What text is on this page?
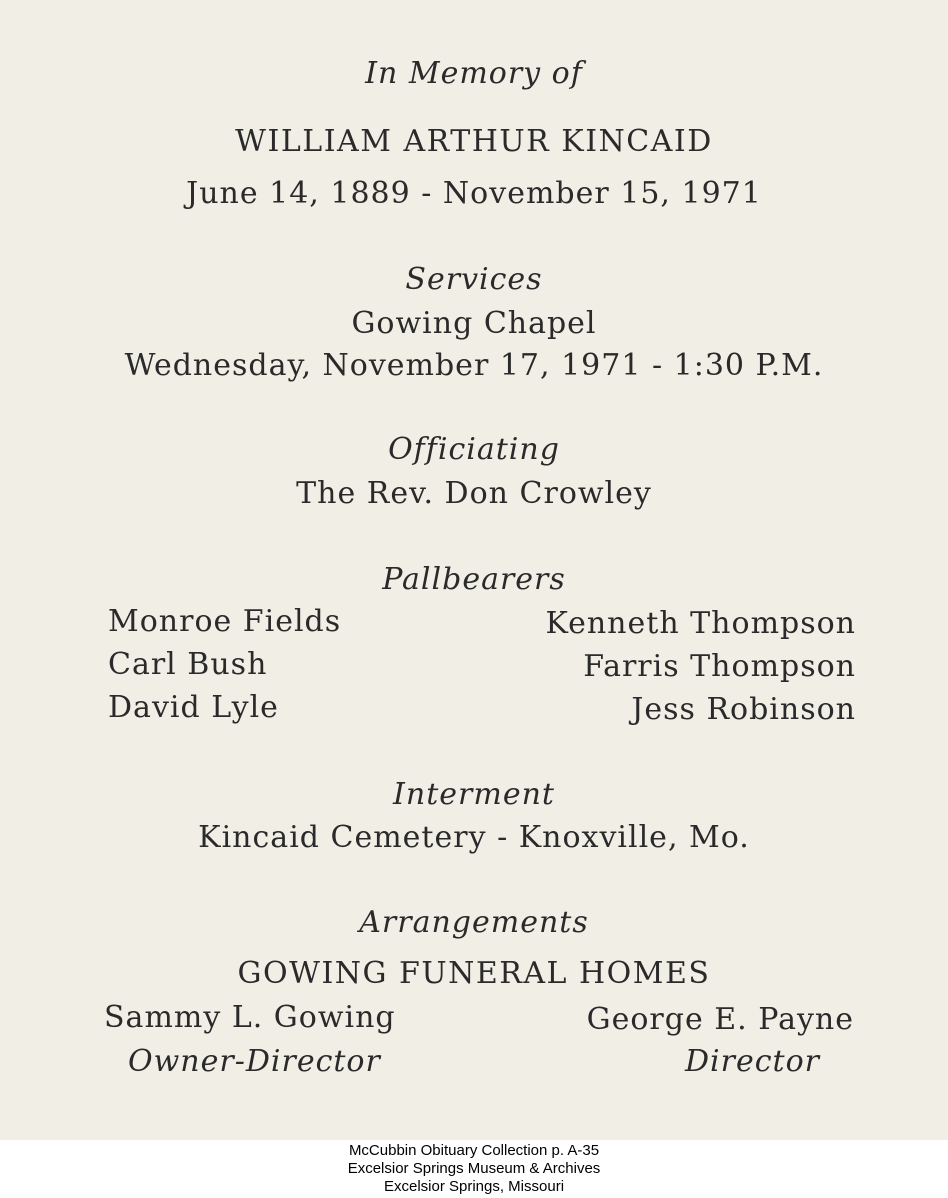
In Memory of
WILLIAM ARTHUR KINCAID
June 14, 1889 - November 15, 1971
Services
Gowing Chapel
Wednesday, November 17, 1971 - 1:30 P.M.
Officiating
The Rev. Don Crowley
Pallbearers
Monroe Fields
Carl Bush
David Lyle
Kenneth Thompson
Farris Thompson
Jess Robinson
Interment
Kincaid Cemetery - Knoxville, Mo.
Arrangements
GOWING FUNERAL HOMES
Sammy L. Gowing
Owner-Director
George E. Payne
Director
McCubbin Obituary Collection p. A-35
Excelsior Springs Museum & Archives
Excelsior Springs, Missouri
